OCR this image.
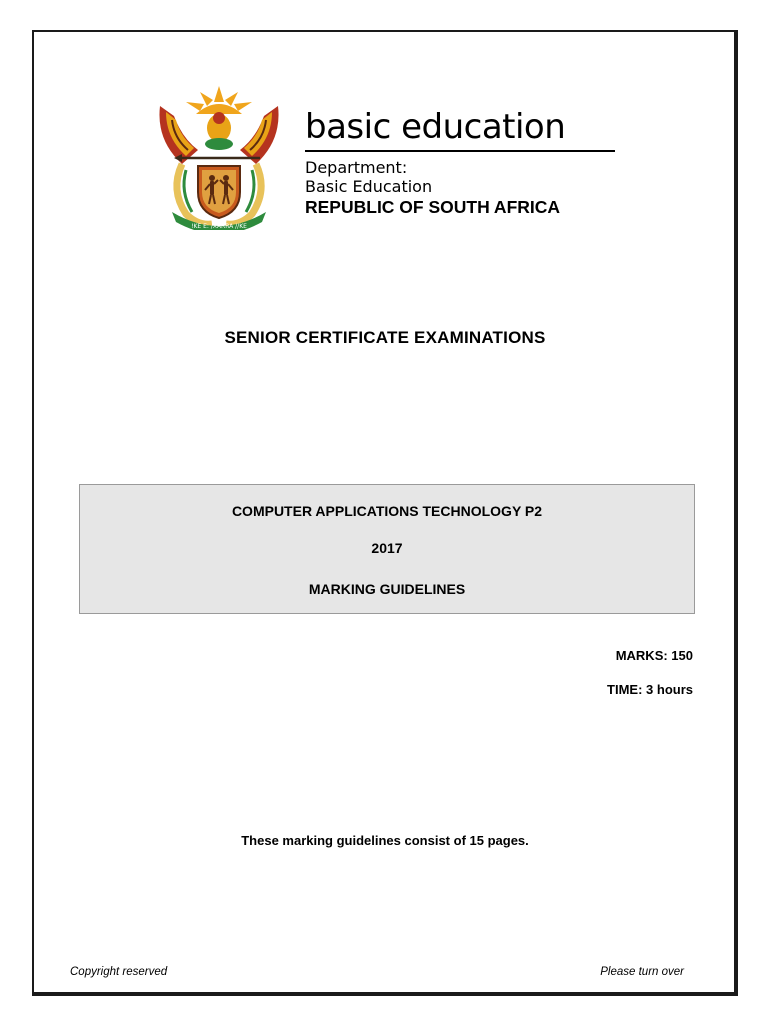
!KE E: /XARRA //KE
basic education
Department:
Basic Education
REPUBLIC OF SOUTH AFRICA
SENIOR CERTIFICATE EXAMINATIONS
COMPUTER APPLICATIONS TECHNOLOGY P2
2017
MARKING GUIDELINES
MARKS: 150
TIME: 3 hours
These marking guidelines consist of 15 pages.
Copyright reserved	Please turn over
